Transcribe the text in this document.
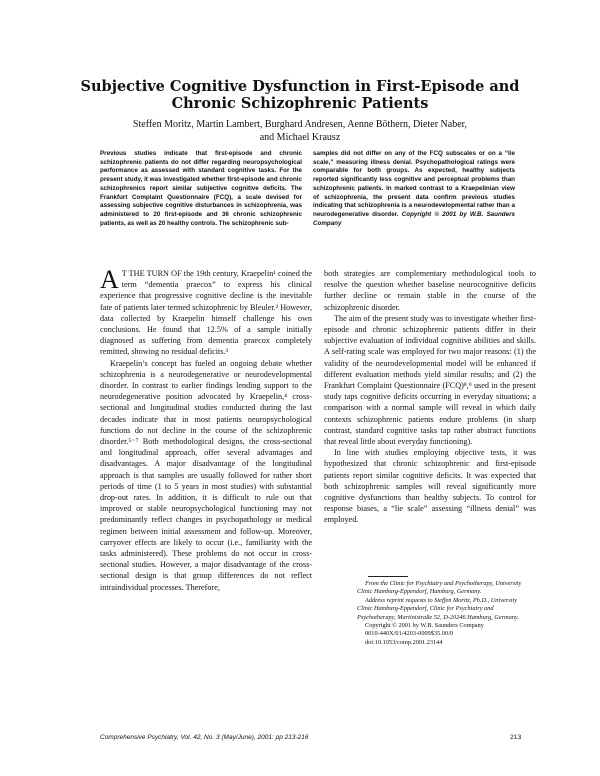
Subjective Cognitive Dysfunction in First-Episode and
Chronic Schizophrenic Patients
Steffen Moritz, Martin Lambert, Burghard Andresen, Aenne Böthern, Dieter Naber,
and Michael Krausz

Previous studies indicate that first-episode and chronic schizophrenic patients do not differ regarding neuropsychological performance as assessed with standard cognitive tasks. For the present study, it was investigated whether first-episode and chronic schizophrenics report similar subjective cognitive deficits. The Frankfurt Complaint Questionnaire (FCQ), a scale devised for assessing subjective cognitive disturbances in schizophrenia, was administered to 20 first-episode and 36 chronic schizophrenic patients, as well as 20 healthy controls. The schizophrenic sub-

samples did not differ on any of the FCQ subscales or on a “lie scale,” measuring illness denial. Psychopathological ratings were comparable for both groups. As expected, healthy subjects reported significantly less cognitive and perceptual problems than schizophrenic patients. In marked contrast to a Kraepelinian view of schizophrenia, the present data confirm previous studies indicating that schizophrenia is a neurodevelopmental rather than a neurodegenerative disorder. Copyright © 2001 by W.B. Saunders Company

A T THE TURN OF the 19th century, Kraepelin¹ coined the term “dementia praecox” to express his clinical experience that progressive cognitive decline is the inevitable fate of patients later termed schizophrenic by Bleuler.² However, data collected by Kraepelin himself challenge his own conclusions. He found that 12.5% of a sample initially diagnosed as suffering from dementia praecox completely remitted, showing no residual deficits.³

Kraepelin’s concept has fueled an ongoing debate whether schizophrenia is a neurodegenerative or neurodevelopmental disorder. In contrast to earlier findings lending support to the neurodegenerative position advocated by Kraepelin,⁴ cross-sectional and longitudinal studies conducted during the last decades indicate that in most patients neuropsychological functions do not decline in the course of the schizophrenic disorder.⁵⁻⁷ Both methodological designs, the cross-sectional and longitudinal approach, offer several advantages and disadvantages. A major disadvantage of the longitudinal approach is that samples are usually followed for rather short periods of time (1 to 5 years in most studies) with substantial drop-out rates. In addition, it is difficult to rule out that improved or stable neuropsychological functioning may not predominantly reflect changes in psychopathology or medical regimen between initial assessment and follow-up. Moreover, carryover effects are likely to occur (i.e., familiarity with the tasks administered). These problems do not occur in cross-sectional studies. However, a major disadvantage of the cross-sectional design is that group differences do not reflect intraindividual processes. Therefore,

both strategies are complementary methodological tools to resolve the question whether baseline neurocognitive deficits further decline or remain stable in the course of the schizophrenic disorder.

The aim of the present study was to investigate whether first-episode and chronic schizophrenic patients differ in their subjective evaluation of individual cognitive abilities and skills. A self-rating scale was employed for two major reasons: (1) the validity of the neurodevelopmental model will be enhanced if different evaluation methods yield similar results; and (2) the Frankfurt Complaint Questionnaire (FCQ)⁸,⁹ used in the present study taps cognitive deficits occurring in everyday situations; a comparison with a normal sample will reveal in which daily contexts schizophrenic patients endure problems (in sharp contrast, standard cognitive tasks tap rather abstract functions that reveal little about everyday functioning).

In line with studies employing objective tests, it was hypothesized that chronic schizophrenic and first-episode patients report similar cognitive deficits. It was expected that both schizophrenic samples will reveal significantly more cognitive dysfunctions than healthy subjects. To control for response biases, a “lie scale” assessing “illness denial” was employed.

From the Clinic for Psychiatry and Psychotherapy, University Clinic Hamburg-Eppendorf, Hamburg, Germany.
Address reprint requests to Steffen Moritz, Ph.D., University Clinic Hamburg-Eppendorf, Clinic for Psychiatry and Psychotherapy, Martinistraße 52, D-20246 Hamburg, Germany.
Copyright © 2001 by W.B. Saunders Company
0010-440X/01/4203-0009$35.00/0
doi:10.1053/comp.2001.23144

Comprehensive Psychiatry, Vol. 42, No. 3 (May/June), 2001: pp 213-216	213
